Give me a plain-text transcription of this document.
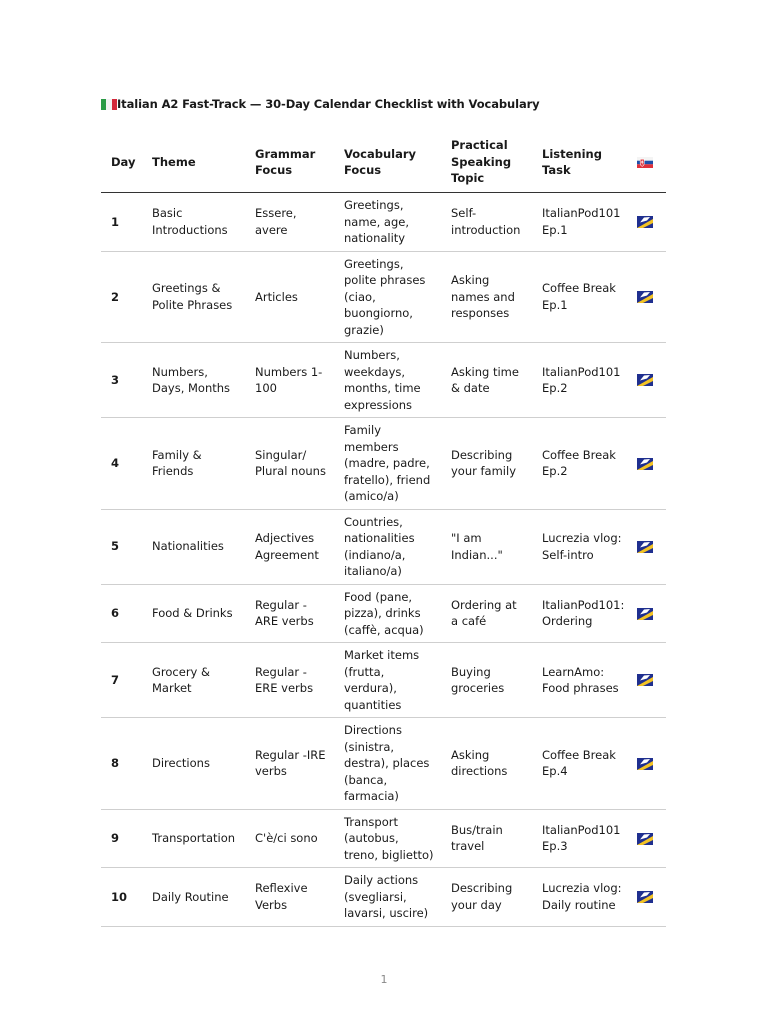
Italian A2 Fast-Track — 30-Day Calendar Checklist with Vocabulary
Day	Theme	Grammar Focus	Vocabulary Focus	Practical Speaking Topic	Listening Task	
1	Basic Introductions	Essere, avere	Greetings, name, age, nationality	Self-introduction	ItalianPod101 Ep.1	
2	Greetings & Polite Phrases	Articles	Greetings, polite phrases (ciao, buongiorno, grazie)	Asking names and responses	Coffee Break Ep.1	
3	Numbers, Days, Months	Numbers 1-100	Numbers, weekdays, months, time expressions	Asking time & date	ItalianPod101 Ep.2	
4	Family & Friends	Singular/ Plural nouns	Family members (madre, padre, fratello), friend (amico/a)	Describing your family	Coffee Break Ep.2	
5	Nationalities	Adjectives Agreement	Countries, nationalities (indiano/a, italiano/a)	"I am Indian..."	Lucrezia vlog: Self-intro	
6	Food & Drinks	Regular - ARE verbs	Food (pane, pizza), drinks (caffè, acqua)	Ordering at a café	ItalianPod101: Ordering	
7	Grocery & Market	Regular -ERE verbs	Market items (frutta, verdura), quantities	Buying groceries	LearnAmo: Food phrases	
8	Directions	Regular -IRE verbs	Directions (sinistra, destra), places (banca, farmacia)	Asking directions	Coffee Break Ep.4	
9	Transportation	C'è/ci sono	Transport (autobus, treno, biglietto)	Bus/train travel	ItalianPod101 Ep.3	
10	Daily Routine	Reflexive Verbs	Daily actions (svegliarsi, lavarsi, uscire)	Describing your day	Lucrezia vlog: Daily routine	
1
